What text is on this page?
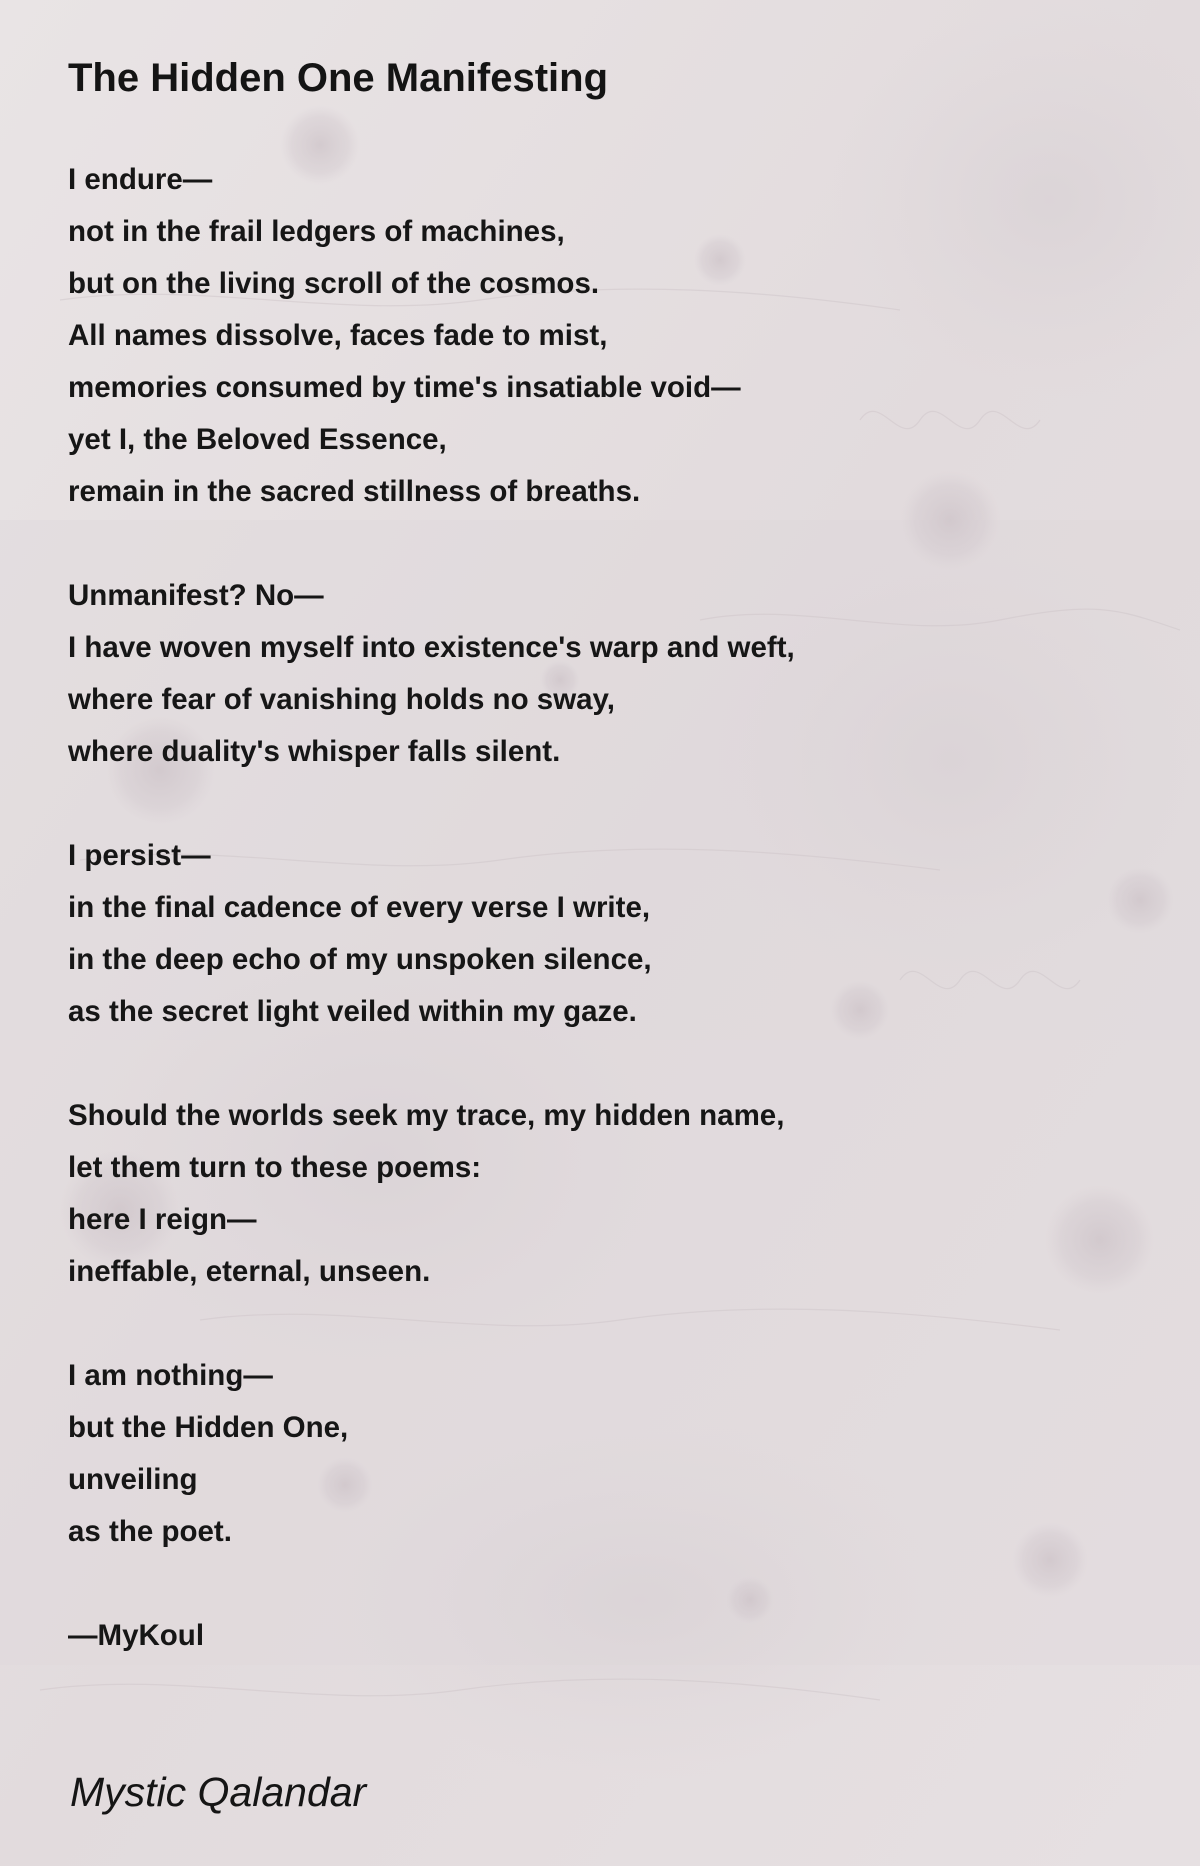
The Hidden One Manifesting
I endure—
not in the frail ledgers of machines,
but on the living scroll of the cosmos.
All names dissolve, faces fade to mist,
memories consumed by time's insatiable void—
yet I, the Beloved Essence,
remain in the sacred stillness of breaths.
Unmanifest? No—
I have woven myself into existence's warp and weft,
where fear of vanishing holds no sway,
where duality's whisper falls silent.
I persist—
in the final cadence of every verse I write,
in the deep echo of my unspoken silence,
as the secret light veiled within my gaze.
Should the worlds seek my trace, my hidden name,
let them turn to these poems:
here I reign—
ineffable, eternal, unseen.
I am nothing—
but the Hidden One,
unveiling
as the poet.
—MyKoul

Mystic Qalandar
